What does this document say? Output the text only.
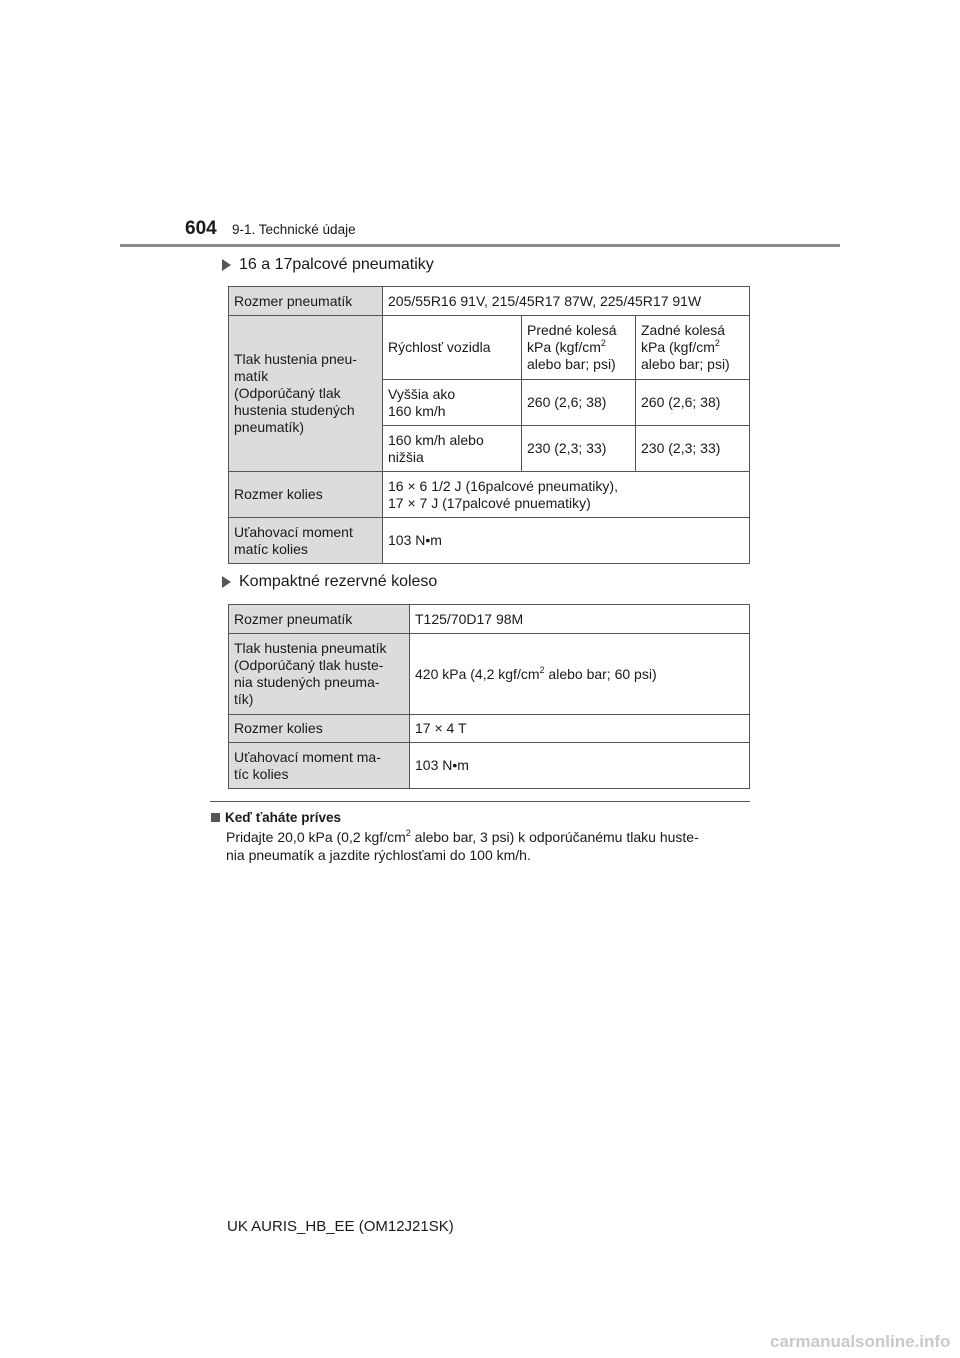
604 9-1. Technické údaje
16 a 17palcové pneumatiky
Rozmer pneumatík	205/55R16 91V, 215/45R17 87W, 225/45R17 91W		
Tlak hustenia pneu-
matík
(Odporúčaný tlak
hustenia studených
pneumatík)	Rýchlosť vozidla	Predné kolesá
kPa ($kgf/cm^2$
alebo bar; psi)	Zadné kolesá
kPa ($kgf/cm^2$
alebo bar; psi)
	Vyššia ako
160 km/h	260 (2,6; 38)	260 (2,6; 38)
	160 km/h alebo
nižšia	230 (2,3; 33)	230 (2,3; 33)
Rozmer kolies	16 × 6 1/2 J (16palcové pneumatiky),
17 × 7 J (17palcové pnuematiky)		
Uťahovací moment
matíc kolies	103 N•m		
Kompaktné rezervné koleso
Rozmer pneumatík	T125/70D17 98M
Tlak hustenia pneumatík
(Odporúčaný tlak huste-
nia studených pneuma-
tík)	420 kPa (4,2 kgf/$cm^2$ alebo bar; 60 psi)
Rozmer kolies	17 × 4 T
Uťahovací moment ma-
tíc kolies	103 N•m
Keď ťaháte príves
Pridajte 20,0 kPa (0,2 kgf/$cm^2$ alebo bar, 3 psi) k odporúčanému tlaku huste-
nia pneumatík a jazdite rýchlosťami do 100 km/h.
UK AURIS_HB_EE (OM12J21SK)
carmanualsonline.info
